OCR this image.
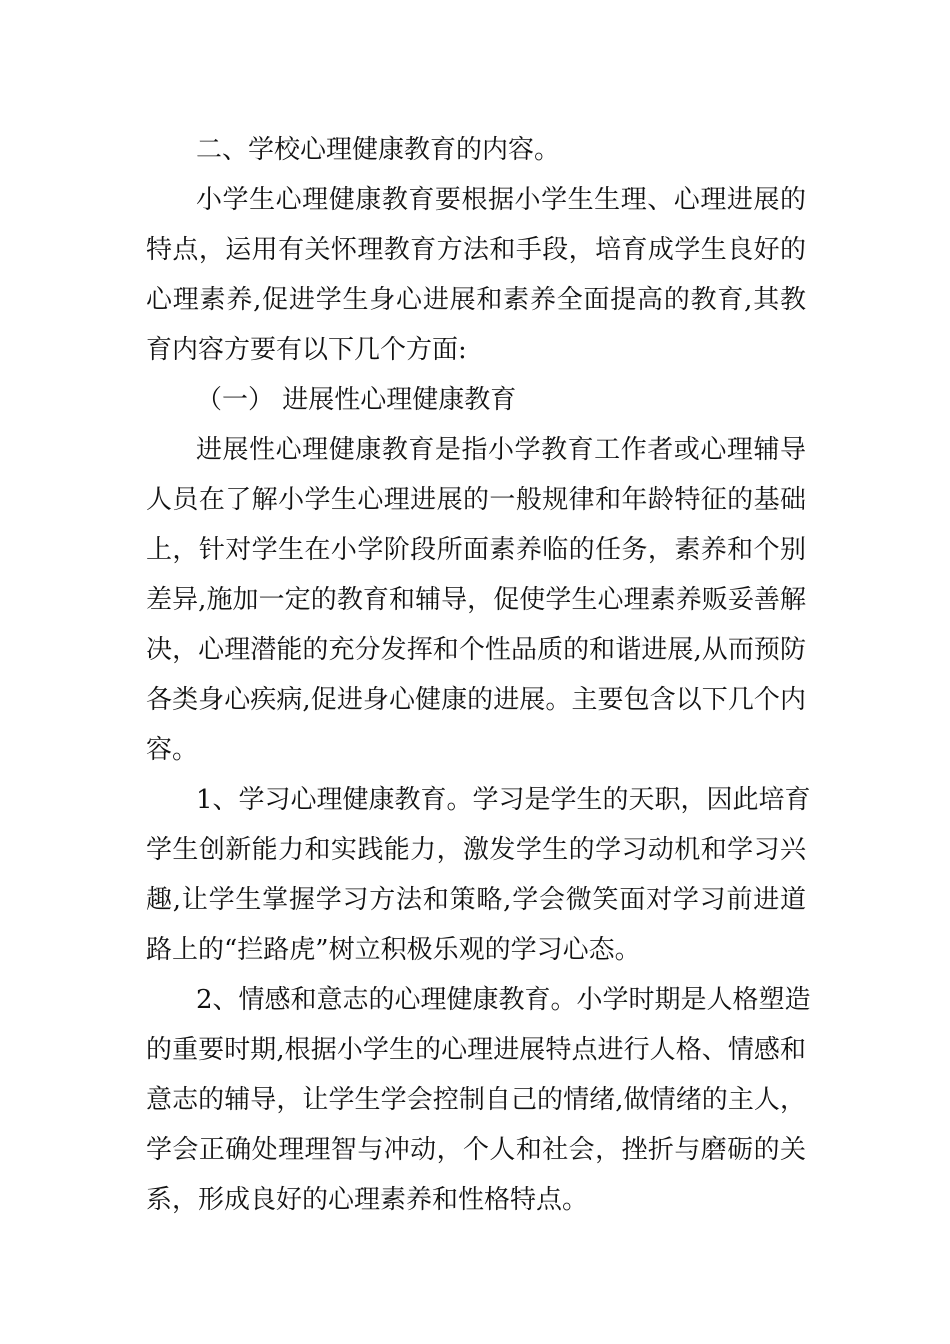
二、学校心理健康教育的内容。
小学生心理健康教育要根据小学生生理、心理进展的
特点，运用有关怀理教育方法和手段，培育成学生良好的
心理素养,促进学生身心进展和素养全面提高的教育,其教
育内容方要有以下几个方面:
（一） 进展性心理健康教育
进展性心理健康教育是指小学教育工作者或心理辅导
人员在了解小学生心理进展的一般规律和年龄特征的基础
上，针对学生在小学阶段所面素养临的任务，素养和个别
差异,施加一定的教育和辅导，促使学生心理素养贩妥善解
决，心理潜能的充分发挥和个性品质的和谐进展,从而预防
各类身心疾病,促进身心健康的进展。主要包含以下几个内
容。
1、学习心理健康教育。学习是学生的天职，因此培育
学生创新能力和实践能力，激发学生的学习动机和学习兴
趣,让学生掌握学习方法和策略,学会微笑面对学习前进道
路上的“拦路虎”树立积极乐观的学习心态。
2、情感和意志的心理健康教育。小学时期是人格塑造
的重要时期,根据小学生的心理进展特点进行人格、情感和
意志的辅导，让学生学会控制自己的情绪,做情绪的主人，
学会正确处理理智与冲动，个人和社会，挫折与磨砺的关
系，形成良好的心理素养和性格特点。
